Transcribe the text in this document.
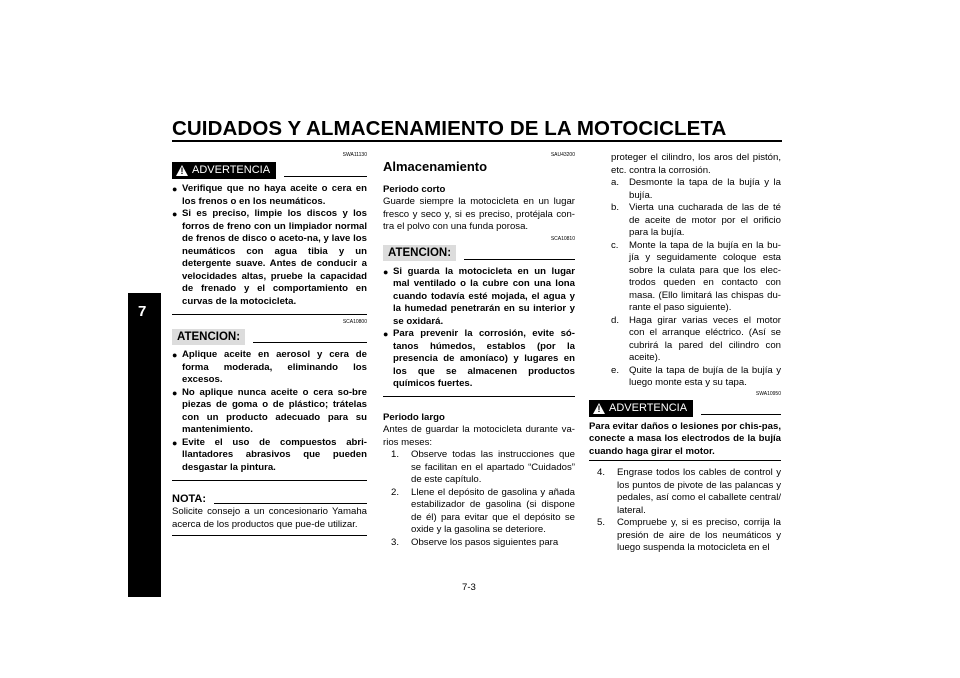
CUIDADOS Y ALMACENAMIENTO DE LA MOTOCICLETA
7
SWA11130
! ADVERTENCIA
● Verifique que no haya aceite o cera en los frenos o en los neumáticos.
● Si es preciso, limpie los discos y los forros de freno con un limpiador normal de frenos de disco o aceto-na, y lave los neumáticos con agua tibia y un detergente suave. Antes de conducir a velocidades altas, pruebe la capacidad de frenado y el comportamiento en curvas de la motocicleta.
SCA10800
ATENCION:
● Aplique aceite en aerosol y cera de forma moderada, eliminando los excesos.
● No aplique nunca aceite o cera so-bre piezas de goma o de plástico; trátelas con un producto adecuado para su mantenimiento.
● Evite el uso de compuestos abri-llantadores abrasivos que pueden desgastar la pintura.
NOTA:
Solicite consejo a un concesionario Yamaha acerca de los productos que pue-de utilizar.
SAU43200
Almacenamiento
Periodo corto
Guarde siempre la motocicleta en un lugar fresco y seco y, si es preciso, protéjala con-tra el polvo con una funda porosa.
SCA10810
ATENCION:
● Si guarda la motocicleta en un lugar mal ventilado o la cubre con una lona cuando todavía esté mojada, el agua y la humedad penetrarán en su interior y se oxidará.
● Para prevenir la corrosión, evite só-tanos húmedos, establos (por la presencia de amoníaco) y lugares en los que se almacenen productos químicos fuertes.
Periodo largo
Antes de guardar la motocicleta durante va-rios meses:
1.	Observe todas las instrucciones que se facilitan en el apartado “Cuidados” de este capítulo.
2.	Llene el depósito de gasolina y añada estabilizador de gasolina (si dispone de él) para evitar que el depósito se oxide y la gasolina se deteriore.
3.	Observe los pasos siguientes para
proteger el cilindro, los aros del pistón, etc. contra la corrosión.
a.	Desmonte la tapa de la bujía y la bujía.
b.	Vierta una cucharada de las de té de aceite de motor por el orificio para la bujía.
c.	Monte la tapa de la bujía en la bu-jía y seguidamente coloque esta sobre la culata para que los elec-trodos queden en contacto con masa. (Ello limitará las chispas du-rante el paso siguiente).
d.	Haga girar varias veces el motor con el arranque eléctrico. (Así se cubrirá la pared del cilindro con aceite).
e.	Quite la tapa de bujía de la bujía y luego monte esta y su tapa.
SWA10950
! ADVERTENCIA
Para evitar daños o lesiones por chis-pas, conecte a masa los electrodos de la bujía cuando haga girar el motor.
4.	Engrase todos los cables de control y los puntos de pivote de las palancas y pedales, así como el caballete central/ lateral.
5.	Compruebe y, si es preciso, corrija la presión de aire de los neumáticos y luego suspenda la motocicleta en el
7-3
